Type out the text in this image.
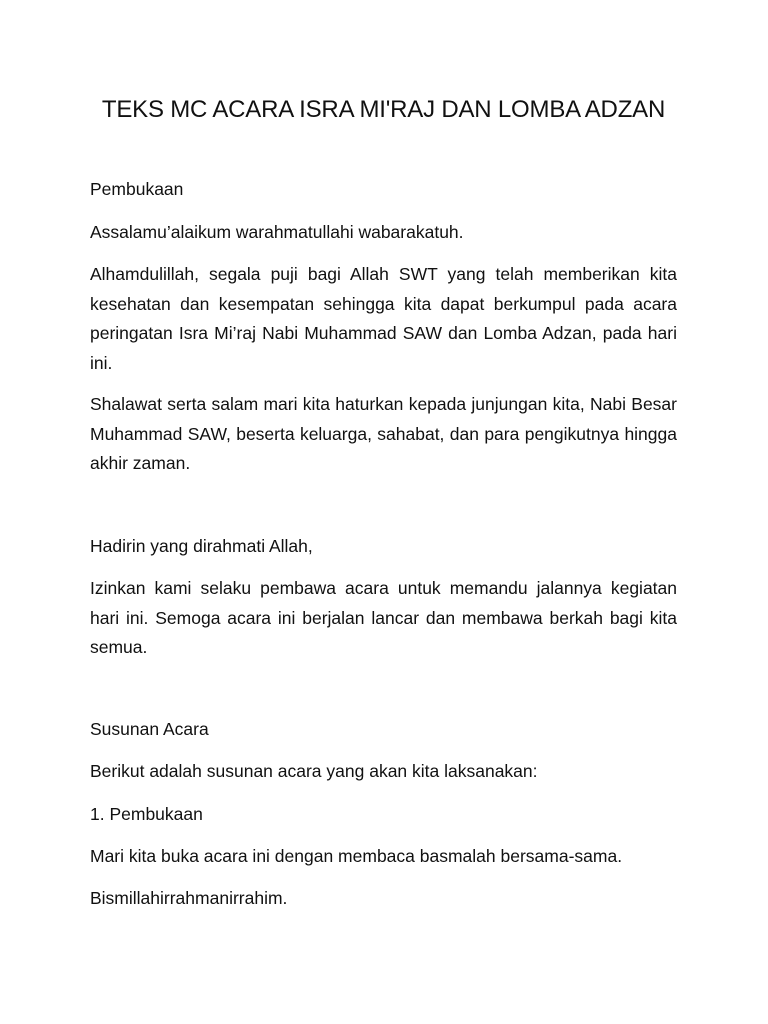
TEKS MC ACARA ISRA MI'RAJ DAN LOMBA ADZAN

Pembukaan

Assalamu’alaikum warahmatullahi wabarakatuh.

Alhamdulillah, segala puji bagi Allah SWT yang telah memberikan kita kesehatan dan kesempatan sehingga kita dapat berkumpul pada acara peringatan Isra Mi’raj Nabi Muhammad SAW dan Lomba Adzan, pada hari ini.

Shalawat serta salam mari kita haturkan kepada junjungan kita, Nabi Besar Muhammad SAW, beserta keluarga, sahabat, dan para pengikutnya hingga akhir zaman.

Hadirin yang dirahmati Allah,

Izinkan kami selaku pembawa acara untuk memandu jalannya kegiatan hari ini. Semoga acara ini berjalan lancar dan membawa berkah bagi kita semua.

Susunan Acara

Berikut adalah susunan acara yang akan kita laksanakan:

1. Pembukaan

Mari kita buka acara ini dengan membaca basmalah bersama-sama.

Bismillahirrahmanirrahim.
